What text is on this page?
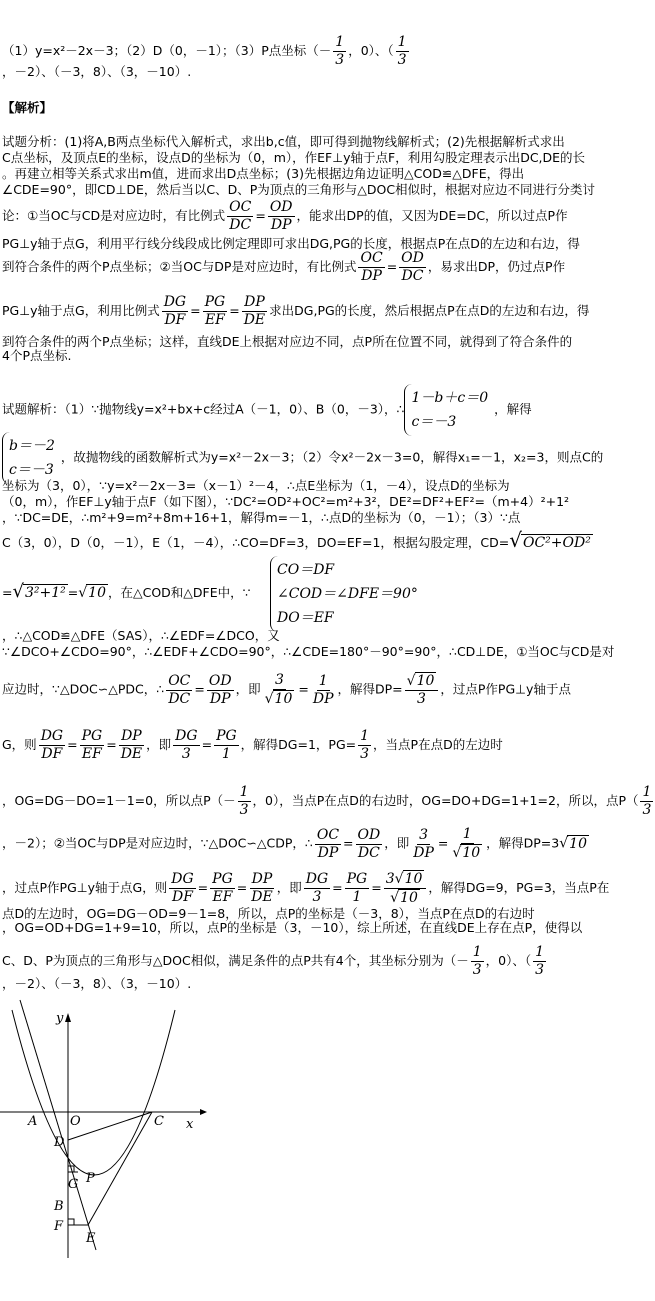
（1）y=x²－2x－3；（2）D（0，－1）；（3）P点坐标（－ $\frac{1}{3}$ ，0）、（ $\frac{1}{3}$
，－2）、（－3，8）、（3，－10）.
【解析】
试题分析：(1)将A,B两点坐标代入解析式，求出b,c值，即可得到抛物线解析式；(2)先根据解析式求出
C点坐标，及顶点E的坐标，设点D的坐标为（0，m），作EF⊥y轴于点F，利用勾股定理表示出DC,DE的长
。再建立相等关系式求出m值，进而求出D点坐标；(3)先根据边角边证明△COD≌△DFE，得出
∠CDE=90°，即CD⊥DE，然后当以C、D、P为顶点的三角形与△DOC相似时，根据对应边不同进行分类讨
论：①当OC与CD是对应边时，有比例式 $\frac{OC}{DC} = \frac{OD}{DP}$ ，能求出DP的值，又因为DE=DC，所以过点P作
PG⊥y轴于点G，利用平行线分线段成比例定理即可求出DG,PG的长度，根据点P在点D的左边和右边，得
到符合条件的两个P点坐标；②当OC与DP是对应边时，有比例式 $\frac{OC}{DP} = \frac{OD}{DC}$ ，易求出DP，仍过点P作
PG⊥y轴于点G，利用比例式 $\frac{DG}{DF} = \frac{PG}{EF} = \frac{DP}{DE}$ 求出DG,PG的长度，然后根据点P在点D的左边和右边，得
到符合条件的两个P点坐标；这样，直线DE上根据对应边不同，点P所在位置不同，就得到了符合条件的
4个P点坐标.
试题解析：（1）∵抛物线y=x²+bx+c经过A（－1，0）、B（0，－3），∴1－b＋c＝0
c＝－3，解得
b＝－2
c＝－3，故抛物线的函数解析式为y=x²－2x－3；（2）令x²－2x－3=0，解得x₁=－1，x₂=3，则点C的
坐标为（3，0），∵y=x²－2x－3=（x－1）²－4，∴点E坐标为（1，－4），设点D的坐标为
（0，m），作EF⊥y轴于点F（如下图），∵DC²=OD²+OC²=m²+3²，DE²=DF²+EF²=（m+4）²+1²
，∵DC=DE，∴m²+9=m²+8m+16+1，解得m=－1，∴点D的坐标为（0，－1）；（3）∵点
C（3，0），D（0，－1），E（1，－4），∴CO=DF=3，DO=EF=1，根据勾股定理，CD=√OC²+OD²
=√3²+1² =√10 ，在△COD和△DFE中，∵
CO＝DF
∠COD＝∠DFE＝90°
DO＝EF
，∴△COD≌△DFE（SAS），∴∠EDF=∠DCO，又
∵∠DCO+∠CDO=90°，∴∠EDF+∠CDO=90°，∴∠CDE=180°－90°=90°，∴CD⊥DE，①当OC与CD是对
应边时，∵△DOC∽△PDC，∴ $\frac{OC}{DC} = \frac{OD}{DP}$ ，即 $\frac{3}{√10} = \frac{1}{DP}$ ，解得$DP= \frac{√10}{3}$ ，过点P作PG⊥y轴于点
G，则 $\frac{DG}{DF} = \frac{PG}{EF} = \frac{DP}{DE}$ ，即 $\frac{DG}{3} = \frac{PG}{1}$ ，解得DG=1，$PG= \frac{1}{3}$ ，当点P在点D的左边时
，OG=DG－DO=1－1=0，所以点$P(- \frac{1}{3}$ ，0），当点P在点D的右边时，OG=DO+DG=1+1=2，所以，点$P( \frac{1}{3}$
，－2）；②当OC与DP是对应边时，∵△DOC∽△CDP，∴ $\frac{OC}{DP} = \frac{OD}{DC}$ ，即 $\frac{3}{DP} = \frac{1}{√10}$ ，解得DP=3√10
，过点P作PG⊥y轴于点G，则 $\frac{DG}{DF} = \frac{PG}{EF} = \frac{DP}{DE}$ ，即 $\frac{DG}{3} = \frac{PG}{1} = \frac{3√10}{√10}$ ，解得DG=9，PG=3，当点P在
点D的左边时，OG=DG－OD=9－1=8，所以，点P的坐标是（－3，8），当点P在点D的右边时
，OG=OD+DG=1+9=10，所以，点P的坐标是（3，－10），综上所述，在直线DE上存在点P，使得以
C、D、P为顶点的三角形与△DOC相似，满足条件的点P共有4个，其坐标分别为（－ $\frac{1}{3}$ ，0）、（ $\frac{1}{3}$
，－2）、（－3，8）、（3，－10）.
y
x
A	O	C
D
P
G
B
F
E
